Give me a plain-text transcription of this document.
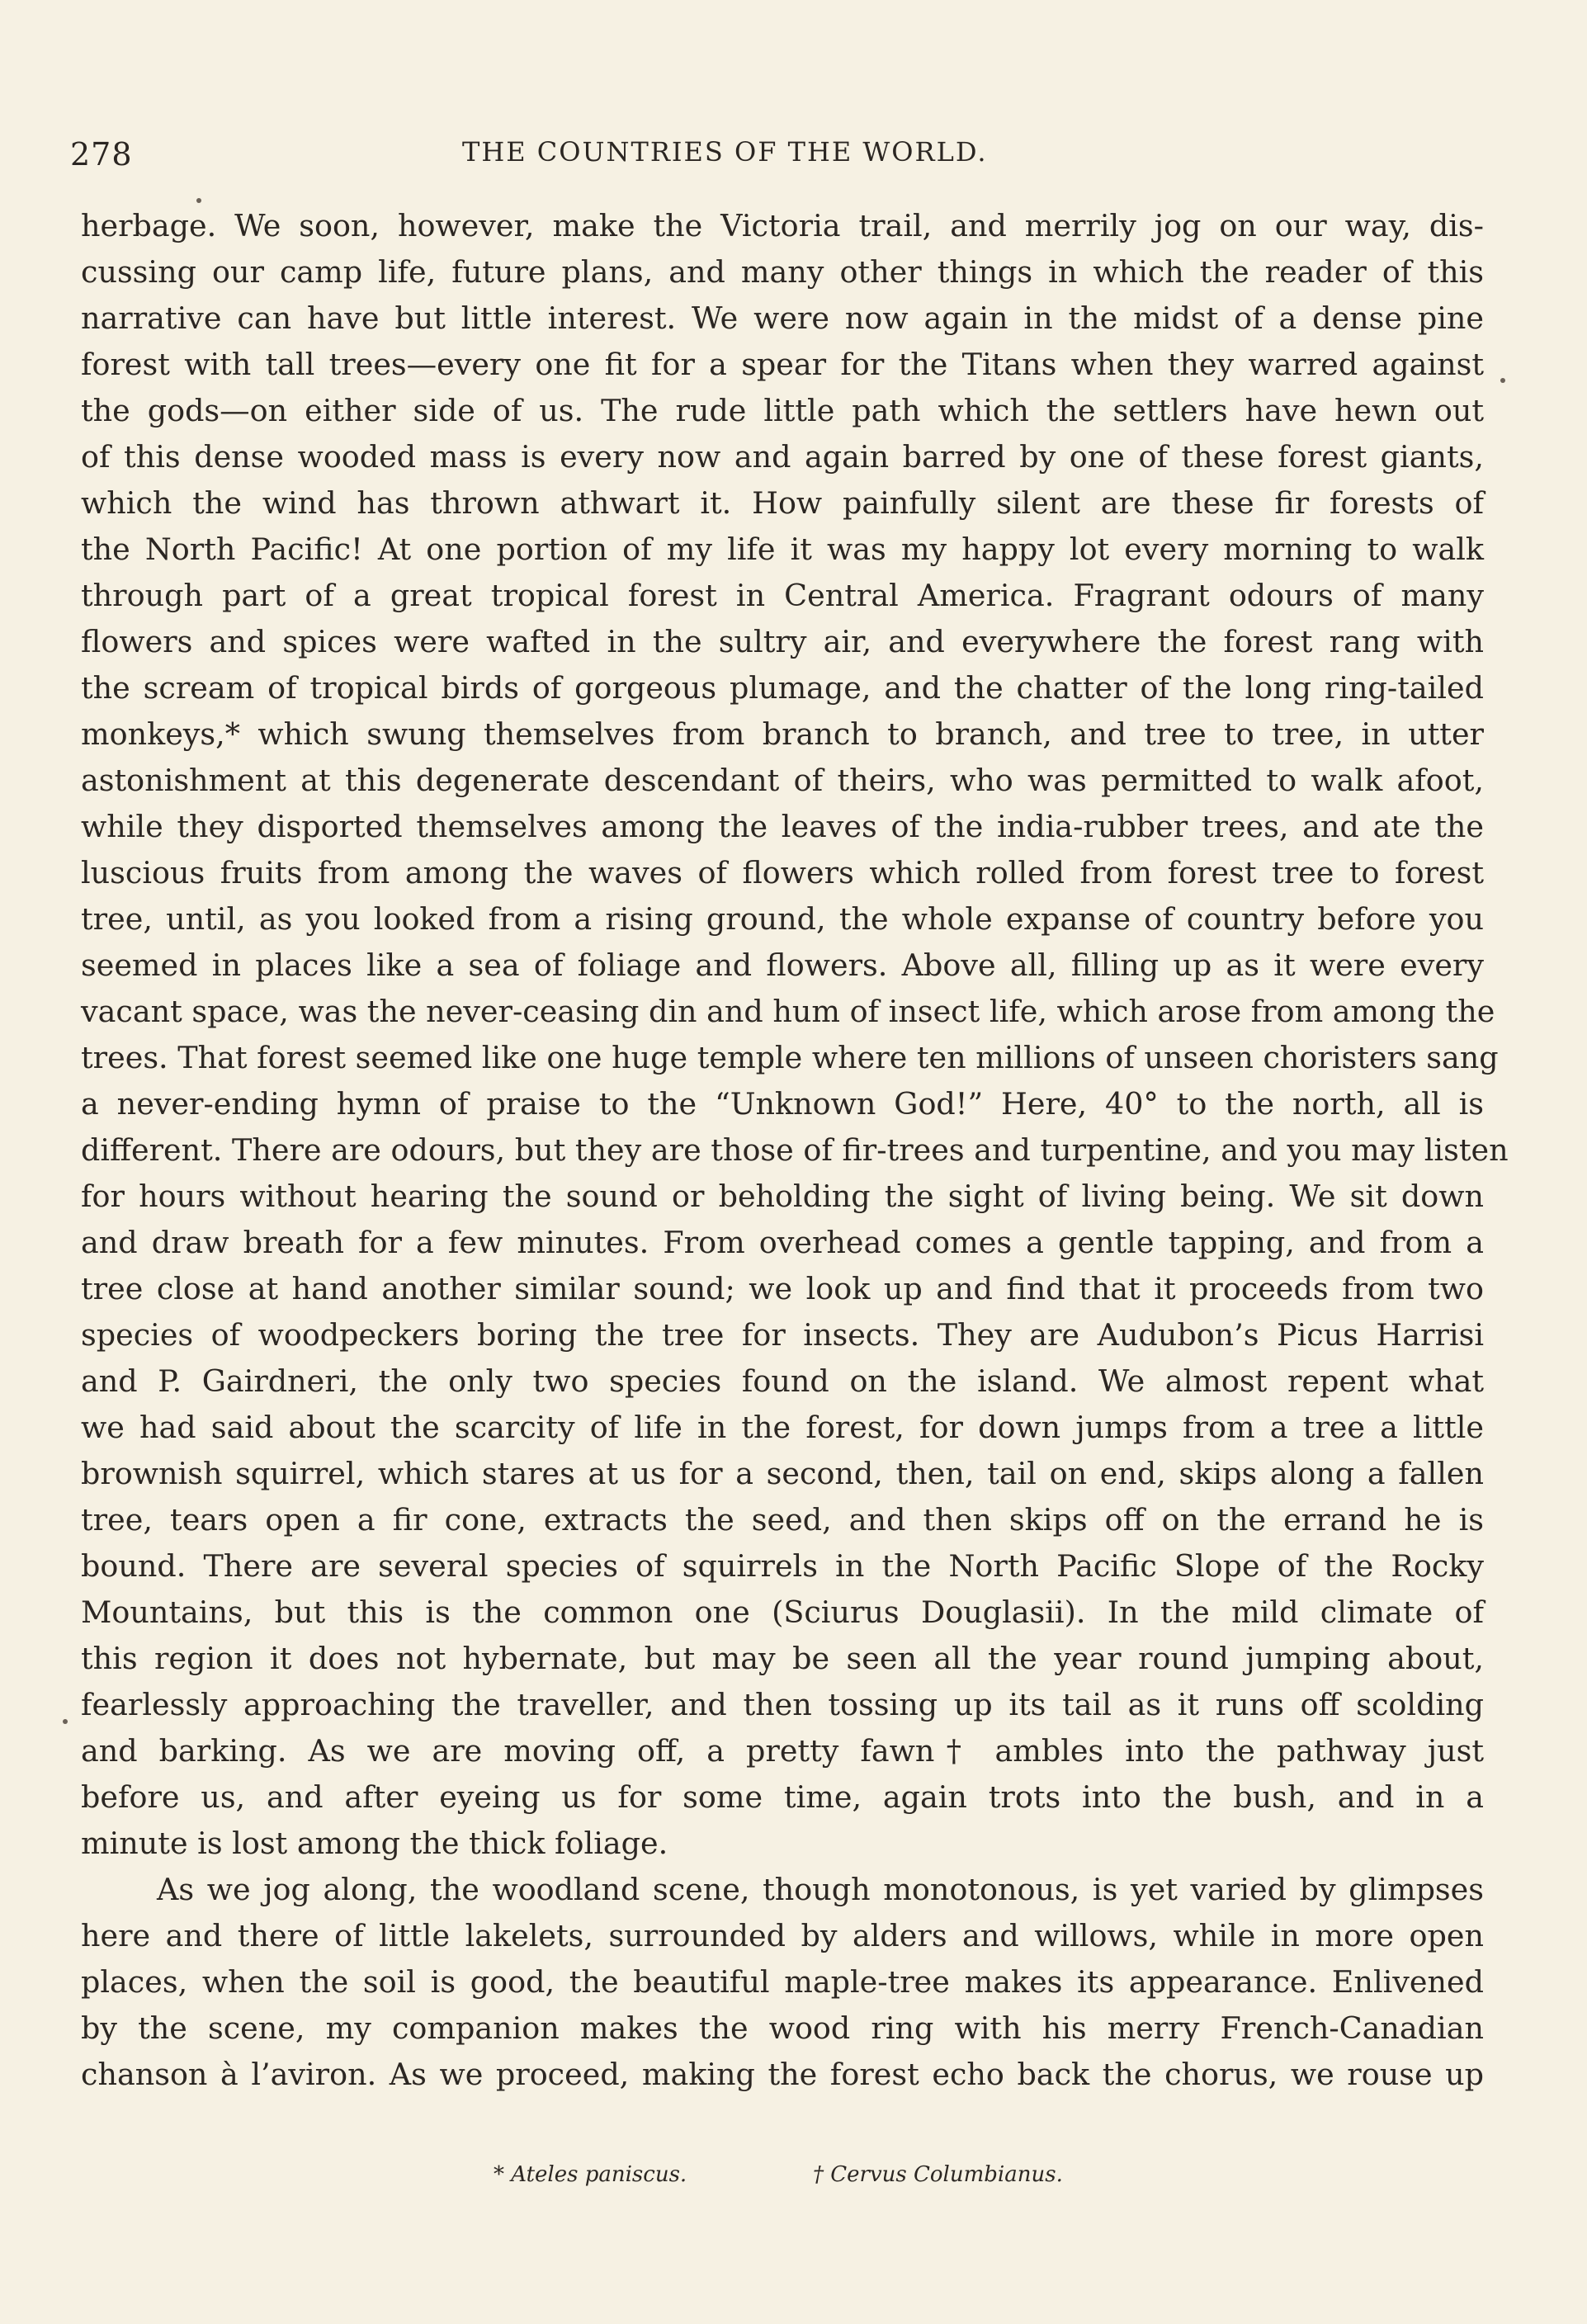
278	THE COUNTRIES OF THE WORLD.
herbage. We soon, however, make the Victoria trail, and merrily jog on our way, dis-
cussing our camp life, future plans, and many other things in which the reader of this
narrative can have but little interest. We were now again in the midst of a dense pine
forest with tall trees—every one fit for a spear for the Titans when they warred against
the gods—on either side of us. The rude little path which the settlers have hewn out
of this dense wooded mass is every now and again barred by one of these forest giants,
which the wind has thrown athwart it. How painfully silent are these fir forests of
the North Pacific! At one portion of my life it was my happy lot every morning to walk
through part of a great tropical forest in Central America. Fragrant odours of many
flowers and spices were wafted in the sultry air, and everywhere the forest rang with
the scream of tropical birds of gorgeous plumage, and the chatter of the long ring-tailed
monkeys,* which swung themselves from branch to branch, and tree to tree, in utter
astonishment at this degenerate descendant of theirs, who was permitted to walk afoot,
while they disported themselves among the leaves of the india-rubber trees, and ate the
luscious fruits from among the waves of flowers which rolled from forest tree to forest
tree, until, as you looked from a rising ground, the whole expanse of country before you
seemed in places like a sea of foliage and flowers. Above all, filling up as it were every
vacant space, was the never-ceasing din and hum of insect life, which arose from among the
trees. That forest seemed like one huge temple where ten millions of unseen choristers sang
a never-ending hymn of praise to the “Unknown God!” Here, 40° to the north, all is
different. There are odours, but they are those of fir-trees and turpentine, and you may listen
for hours without hearing the sound or beholding the sight of living being. We sit down
and draw breath for a few minutes. From overhead comes a gentle tapping, and from a
tree close at hand another similar sound; we look up and find that it proceeds from two
species of woodpeckers boring the tree for insects. They are Audubon’s Picus Harrisi
and P. Gairdneri, the only two species found on the island. We almost repent what
we had said about the scarcity of life in the forest, for down jumps from a tree a little
brownish squirrel, which stares at us for a second, then, tail on end, skips along a fallen
tree, tears open a fir cone, extracts the seed, and then skips off on the errand he is
bound. There are several species of squirrels in the North Pacific Slope of the Rocky
Mountains, but this is the common one (Sciurus Douglasii). In the mild climate of
this region it does not hybernate, but may be seen all the year round jumping about,
fearlessly approaching the traveller, and then tossing up its tail as it runs off scolding
and barking. As we are moving off, a pretty fawn† ambles into the pathway just
before us, and after eyeing us for some time, again trots into the bush, and in a
minute is lost among the thick foliage.
As we jog along, the woodland scene, though monotonous, is yet varied by glimpses
here and there of little lakelets, surrounded by alders and willows, while in more open
places, when the soil is good, the beautiful maple-tree makes its appearance. Enlivened
by the scene, my companion makes the wood ring with his merry French-Canadian
chanson à l’aviron. As we proceed, making the forest echo back the chorus, we rouse up
* Ateles paniscus.	† Cervus Columbianus.
